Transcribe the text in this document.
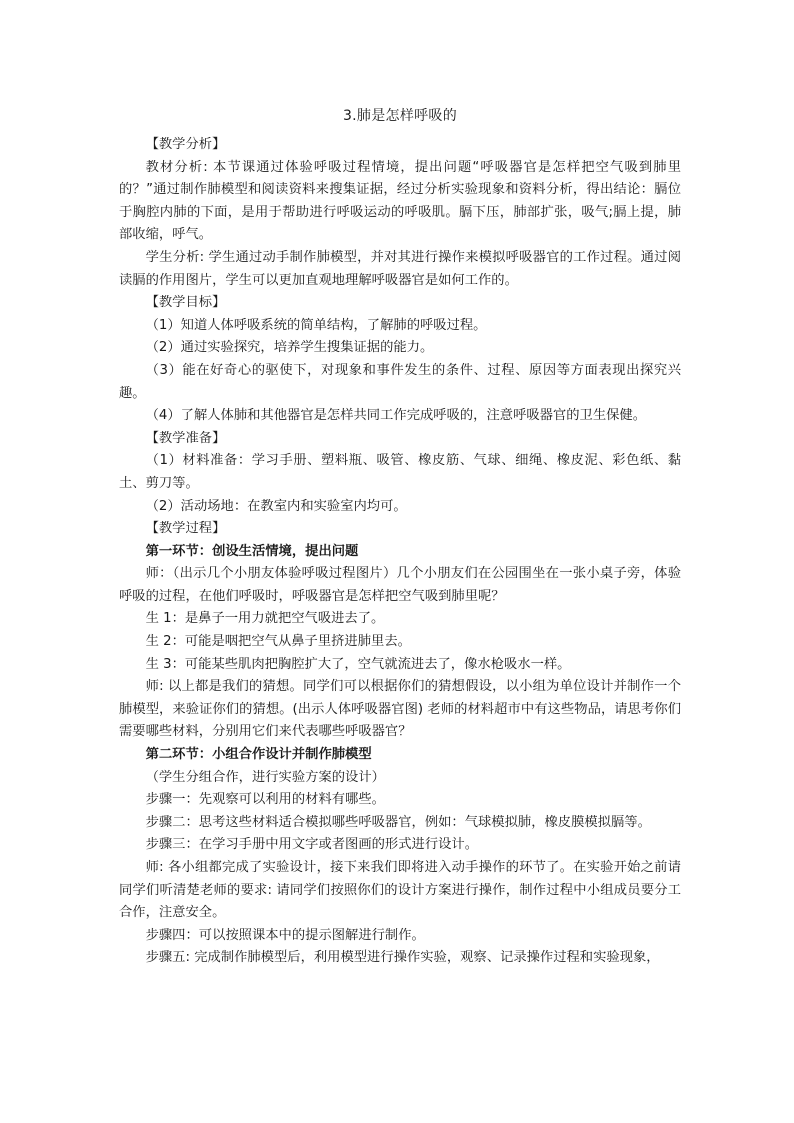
3.肺是怎样呼吸的

【教学分析】

教材分析: 本节课通过体验呼吸过程情境，提出问题“呼吸器官是怎样把空气吸到肺里的？”通过制作肺模型和阅读资料来搜集证据，经过分析实验现象和资料分析，得出结论：膈位于胸腔内肺的下面，是用于帮助进行呼吸运动的呼吸肌。膈下压，肺部扩张，吸气;膈上提，肺部收缩，呼气。

学生分析: 学生通过动手制作肺模型，并对其进行操作来模拟呼吸器官的工作过程。通过阅读膈的作用图片，学生可以更加直观地理解呼吸器官是如何工作的。

【教学目标】

（1）知道人体呼吸系统的简单结构，了解肺的呼吸过程。

（2）通过实验探究，培养学生搜集证据的能力。

（3）能在好奇心的驱使下，对现象和事件发生的条件、过程、原因等方面表现出探究兴趣。

（4）了解人体肺和其他器官是怎样共同工作完成呼吸的，注意呼吸器官的卫生保健。

【教学准备】

（1）材料准备：学习手册、塑料瓶、吸管、橡皮筋、气球、细绳、橡皮泥、彩色纸、黏土、剪刀等。

（2）活动场地：在教室内和实验室内均可。

【教学过程】

第一环节：创设生活情境，提出问题

师：（出示几个小朋友体验呼吸过程图片）几个小朋友们在公园围坐在一张小桌子旁，体验呼吸的过程，在他们呼吸时，呼吸器官是怎样把空气吸到肺里呢？

生 1：是鼻子一用力就把空气吸进去了。

生 2：可能是咽把空气从鼻子里挤进肺里去。

生 3：可能某些肌肉把胸腔扩大了，空气就流进去了，像水枪吸水一样。

师: 以上都是我们的猜想。同学们可以根据你们的猜想假设，以小组为单位设计并制作一个肺模型，来验证你们的猜想。(出示人体呼吸器官图) 老师的材料超市中有这些物品，请思考你们需要哪些材料，分别用它们来代表哪些呼吸器官？

第二环节：小组合作设计并制作肺模型

（学生分组合作，进行实验方案的设计）

步骤一：先观察可以利用的材料有哪些。

步骤二：思考这些材料适合模拟哪些呼吸器官，例如：气球模拟肺，橡皮膜模拟膈等。

步骤三：在学习手册中用文字或者图画的形式进行设计。

师: 各小组都完成了实验设计，接下来我们即将进入动手操作的环节了。在实验开始之前请同学们听清楚老师的要求: 请同学们按照你们的设计方案进行操作，制作过程中小组成员要分工合作，注意安全。

步骤四：可以按照课本中的提示图解进行制作。

步骤五: 完成制作肺模型后，利用模型进行操作实验，观察、记录操作过程和实验现象，
